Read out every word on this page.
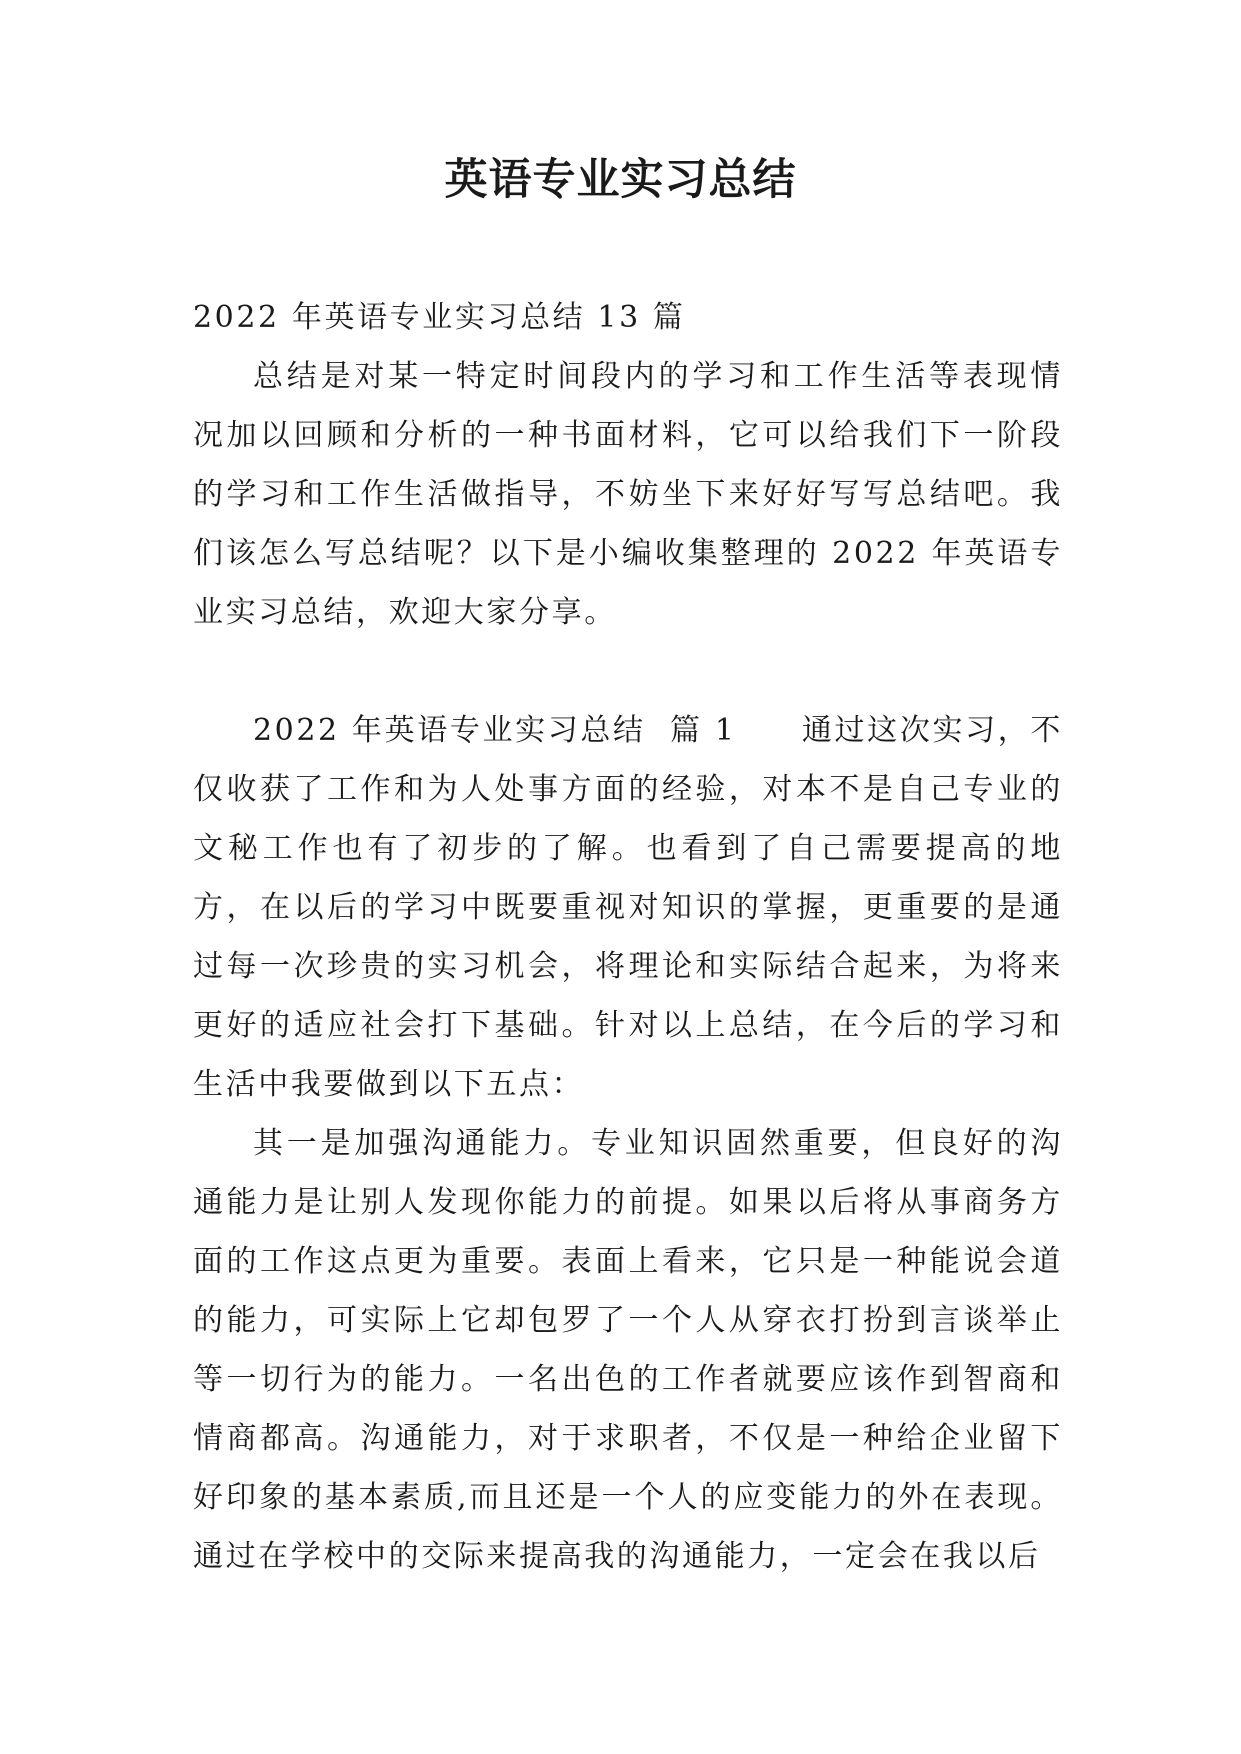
英语专业实习总结

2022 年英语专业实习总结 13 篇

总结是对某一特定时间段内的学习和工作生活等表现情况加以回顾和分析的一种书面材料，它可以给我们下一阶段的学习和工作生活做指导，不妨坐下来好好写写总结吧。我们该怎么写总结呢？以下是小编收集整理的 2022 年英语专业实习总结，欢迎大家分享。

2022 年英语专业实习总结  篇 1　　 通过这次实习，不仅收获了工作和为人处事方面的经验，对本不是自己专业的文秘工作也有了初步的了解。也看到了自己需要提高的地方，在以后的学习中既要重视对知识的掌握，更重要的是通过每一次珍贵的实习机会，将理论和实际结合起来，为将来更好的适应社会打下基础。针对以上总结，在今后的学习和生活中我要做到以下五点：

其一是加强沟通能力。专业知识固然重要，但良好的沟通能力是让别人发现你能力的前提。如果以后将从事商务方面的工作这点更为重要。表面上看来，它只是一种能说会道的能力，可实际上它却包罗了一个人从穿衣打扮到言谈举止等一切行为的能力。一名出色的工作者就要应该作到智商和情商都高。沟通能力，对于求职者，不仅是一种给企业留下好印象的基本素质,而且还是一个人的应变能力的外在表现。通过在学校中的交际来提高我的沟通能力，一定会在我以后
